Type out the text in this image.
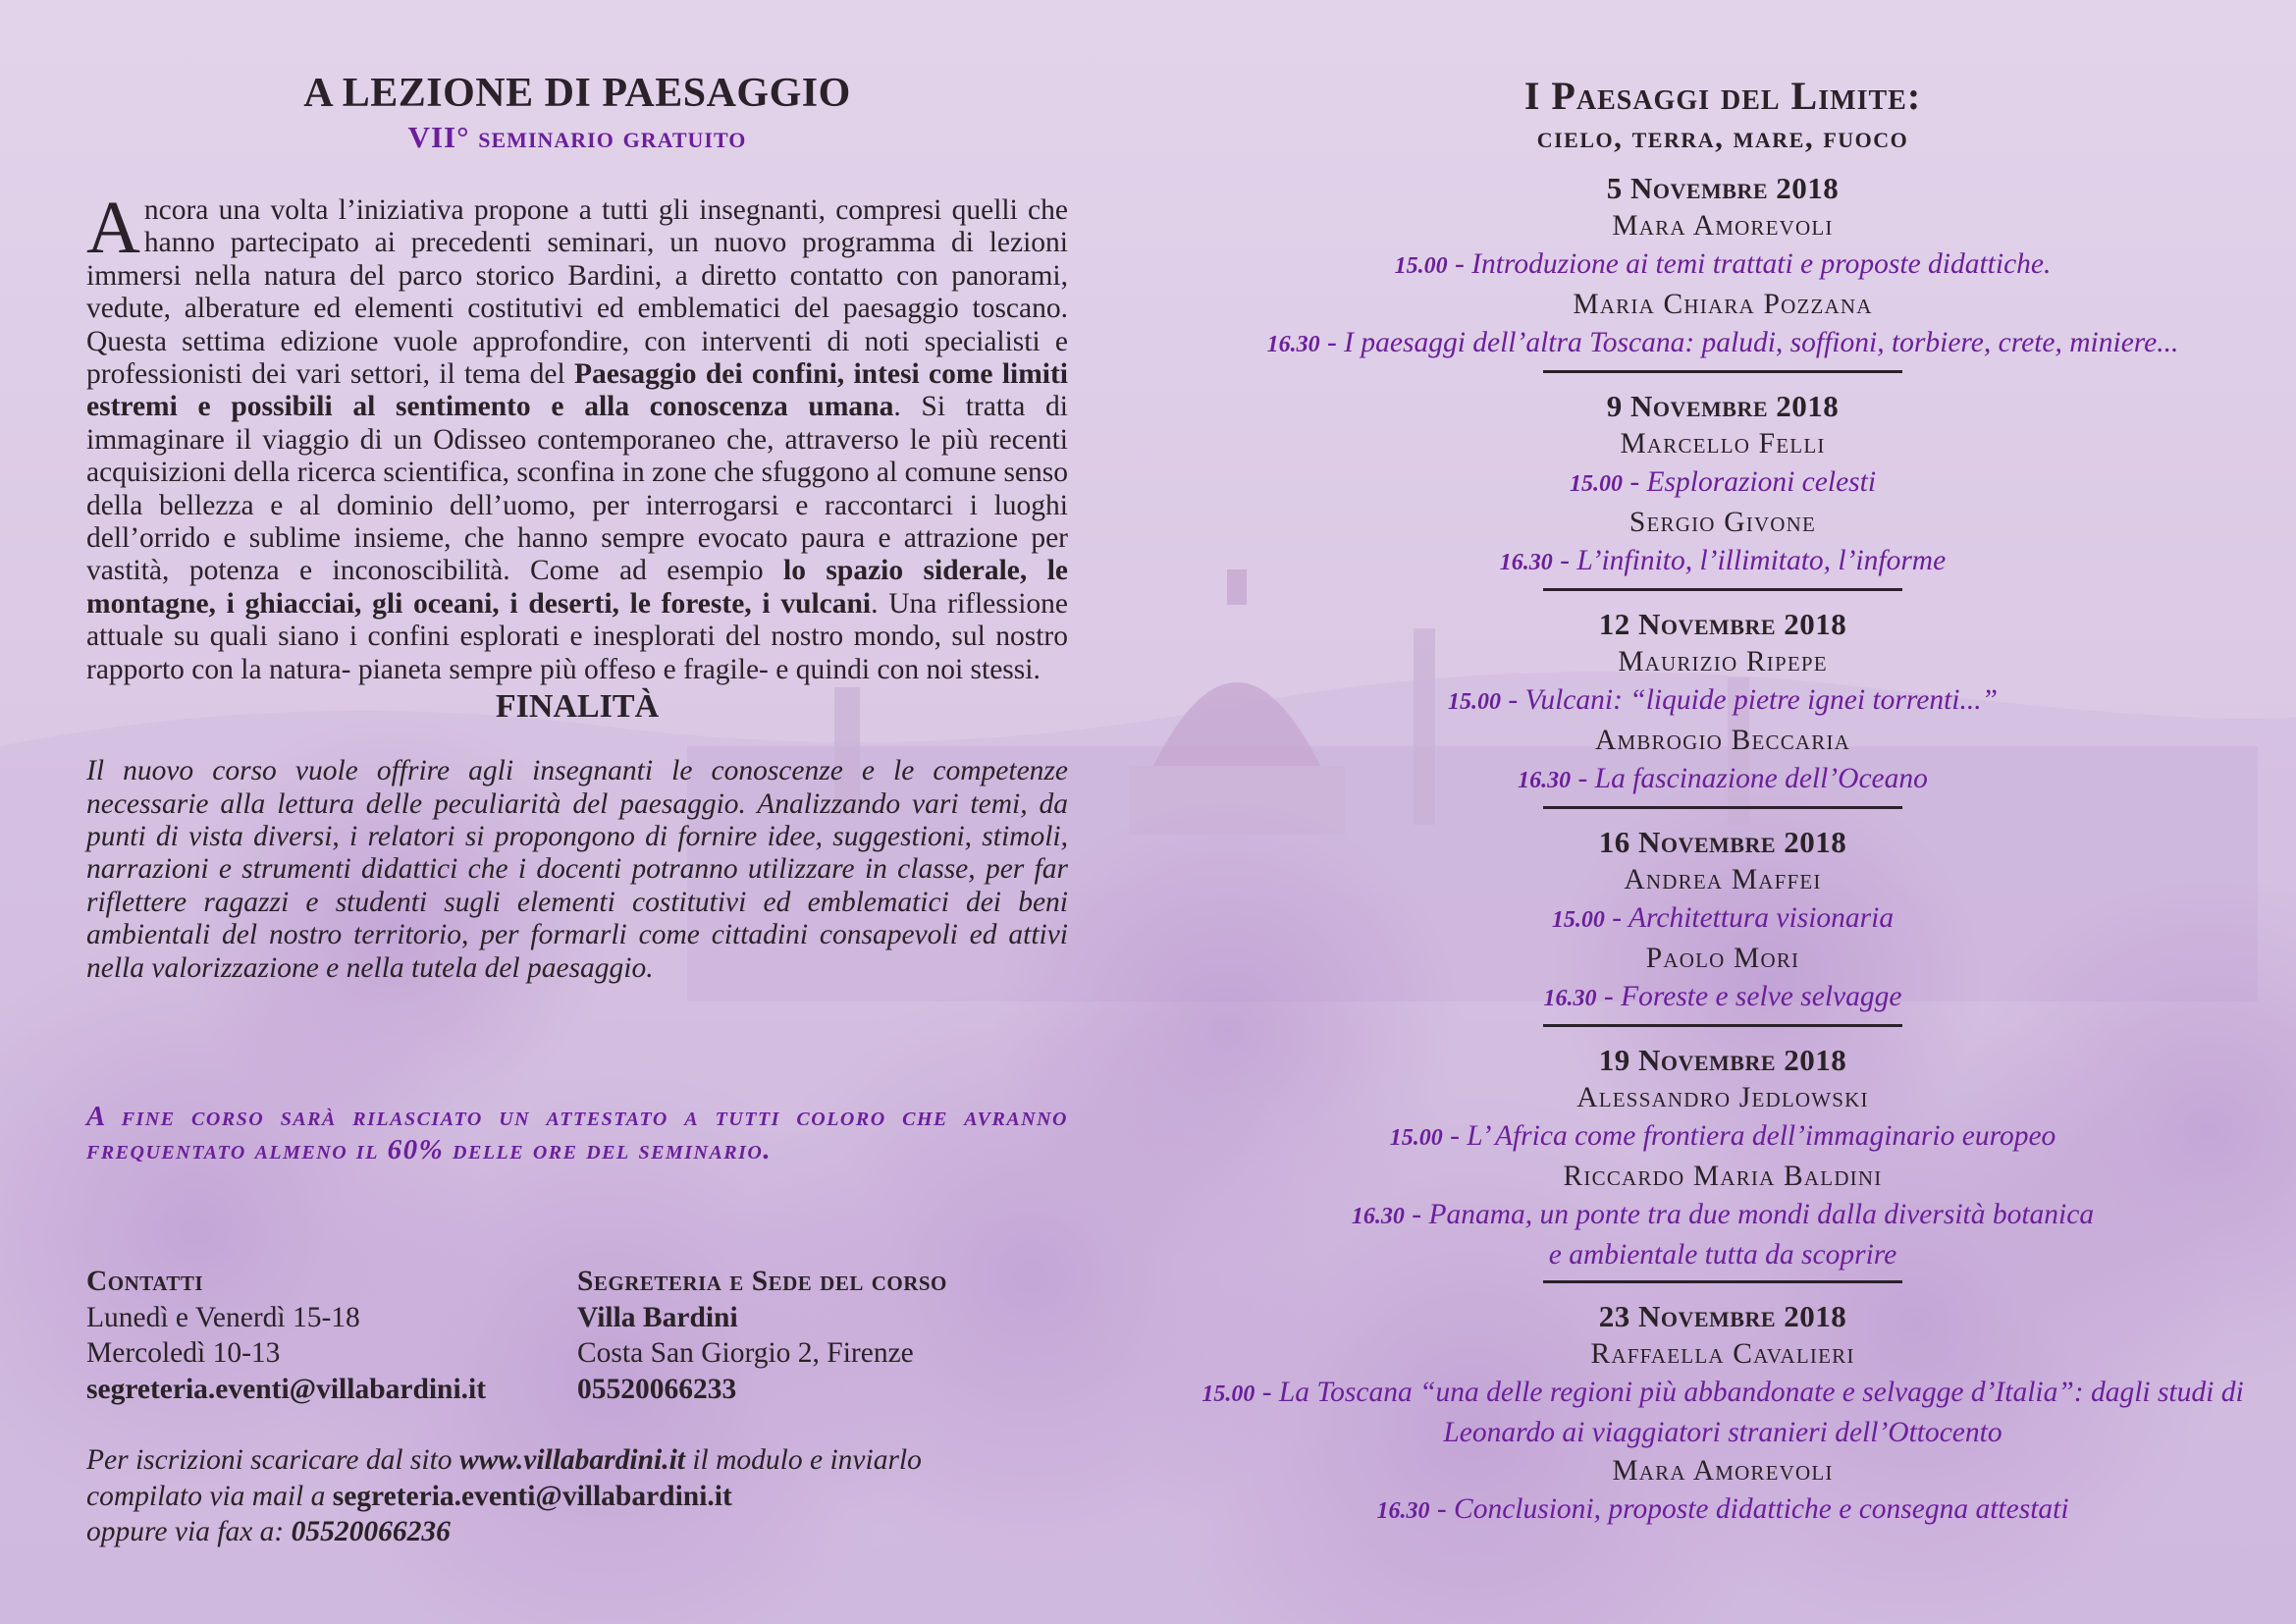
A LEZIONE DI PAESAGGIO
VII° seminario gratuito
Ancora una volta l’iniziativa propone a tutti gli insegnanti, compresi quelli che hanno partecipato ai precedenti seminari, un nuovo programma di lezioni immersi nella natura del parco storico Bardini, a diretto contatto con panorami, vedute, alberature ed elementi costitutivi ed emblematici del paesaggio toscano. Questa settima edizione vuole approfondire, con interventi di noti specialisti e professionisti dei vari settori, il tema del Paesaggio dei confini, intesi come limiti estremi e possibili al sentimento e alla conoscenza umana. Si tratta di immaginare il viaggio di un Odisseo contemporaneo che, attraverso le più recenti acquisizioni della ricerca scientifica, sconfina in zone che sfuggono al comune senso della bellezza e al dominio dell’uomo, per interrogarsi e raccontarci i luoghi dell’orrido e sublime insieme, che hanno sempre evocato paura e attrazione per vastità, potenza e inconoscibilità. Come ad esempio lo spazio siderale, le montagne, i ghiacciai, gli oceani, i deserti, le foreste, i vulcani. Una riflessione attuale su quali siano i confini esplorati e inesplorati del nostro mondo, sul nostro rapporto con la natura- pianeta sempre più offeso e fragile- e quindi con noi stessi.
FINALITÀ
Il nuovo corso vuole offrire agli insegnanti le conoscenze e le competenze necessarie alla lettura delle peculiarità del paesaggio. Analizzando vari temi, da punti di vista diversi, i relatori si propongono di fornire idee, suggestioni, stimoli, narrazioni e strumenti didattici che i docenti potranno utilizzare in classe, per far riflettere ragazzi e studenti sugli elementi costitutivi ed emblematici dei beni ambientali del nostro territorio, per formarli come cittadini consapevoli ed attivi nella valorizzazione e nella tutela del paesaggio.
A fine corso sarà rilasciato un attestato a tutti coloro che avranno frequentato almeno il 60% delle ore del seminario.
Contatti
Lunedì e Venerdì 15-18
Mercoledì 10-13
segreteria.eventi@villabardini.it
Segreteria e Sede del corso
Villa Bardini
Costa San Giorgio 2, Firenze
05520066233
Per iscrizioni scaricare dal sito www.villabardini.it il modulo e inviarlo
compilato via mail a segreteria.eventi@villabardini.it
oppure via fax a: 05520066236
I Paesaggi del Limite:
cielo, terra, mare, fuoco
5 Novembre 2018
Mara Amorevoli
15.00 - Introduzione ai temi trattati e proposte didattiche.
Maria Chiara Pozzana
16.30 - I paesaggi dell’altra Toscana: paludi, soffioni, torbiere, crete, miniere...
9 Novembre 2018
Marcello Felli
15.00 - Esplorazioni celesti
Sergio Givone
16.30 - L’infinito, l’illimitato, l’informe
12 Novembre 2018
Maurizio Ripepe
15.00 - Vulcani: “liquide pietre ignei torrenti...”
Ambrogio Beccaria
16.30 - La fascinazione dell’Oceano
16 Novembre 2018
Andrea Maffei
15.00 - Architettura visionaria
Paolo Mori
16.30 - Foreste e selve selvagge
19 Novembre 2018
Alessandro Jedlowski
15.00 - L’ Africa come frontiera dell’immaginario europeo
Riccardo Maria Baldini
16.30 - Panama, un ponte tra due mondi dalla diversità botanica
e ambientale tutta da scoprire
23 Novembre 2018
Raffaella Cavalieri
15.00 - La Toscana “una delle regioni più abbandonate e selvagge d’Italia”: dagli studi di
Leonardo ai viaggiatori stranieri dell’Ottocento
Mara Amorevoli
16.30 - Conclusioni, proposte didattiche e consegna attestati
